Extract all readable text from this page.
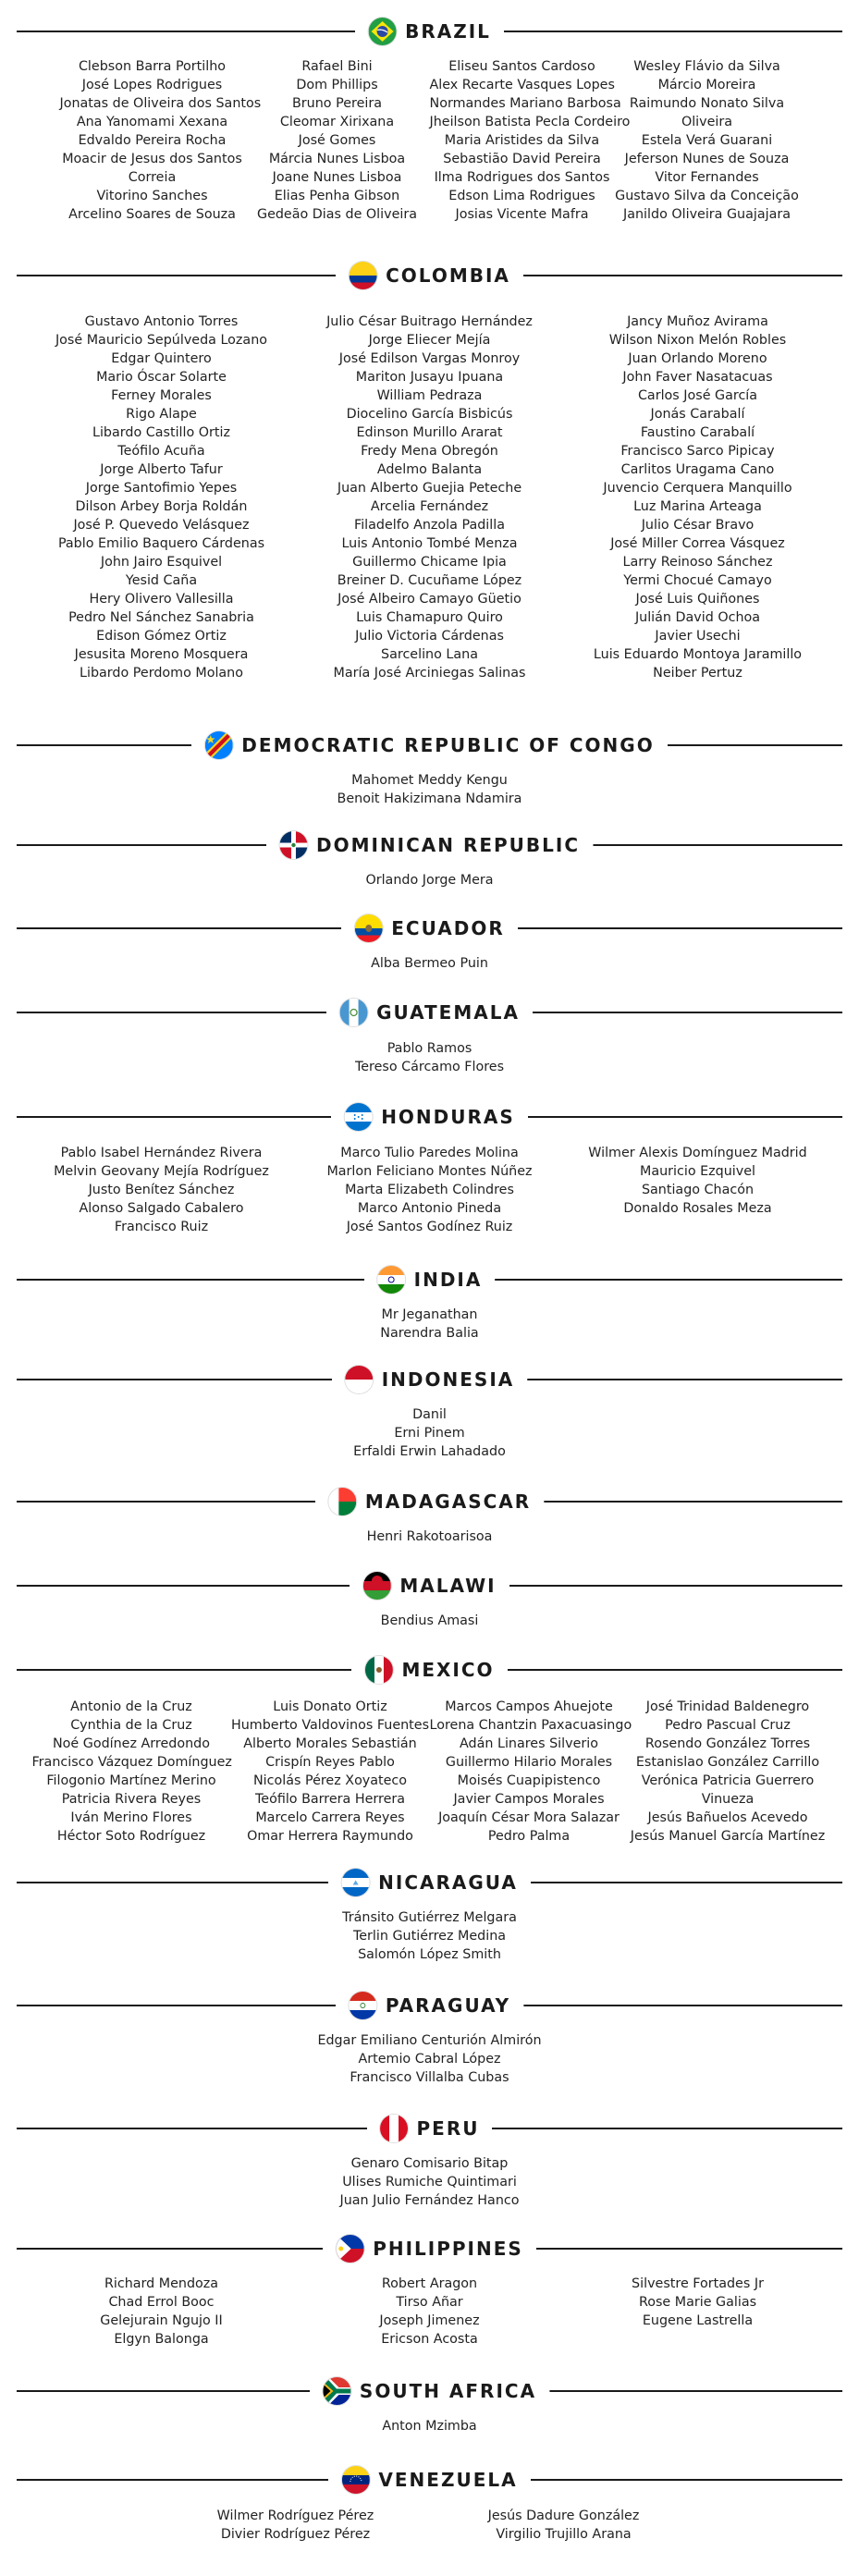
BRAZIL
Clebson Barra Portilho
José Lopes Rodrigues
Jonatas de Oliveira dos Santos
Ana Yanomami Xexana
Edvaldo Pereira Rocha
Moacir de Jesus dos Santos
Correia
Vitorino Sanches
Arcelino Soares de Souza
Rafael Bini
Dom Phillips
Bruno Pereira
Cleomar Xirixana
José Gomes
Márcia Nunes Lisboa
Joane Nunes Lisboa
Elias Penha Gibson
Gedeão Dias de Oliveira
Eliseu Santos Cardoso
Alex Recarte Vasques Lopes
Normandes Mariano Barbosa
Jheilson Batista Pecla Cordeiro
Maria Aristides da Silva
Sebastião David Pereira
Ilma Rodrigues dos Santos
Edson Lima Rodrigues
Josias Vicente Mafra
Wesley Flávio da Silva
Márcio Moreira
Raimundo Nonato Silva
Oliveira
Estela Verá Guarani
Jeferson Nunes de Souza
Vitor Fernandes
Gustavo Silva da Conceição
Janildo Oliveira Guajajara
COLOMBIA
Gustavo Antonio Torres
José Mauricio Sepúlveda Lozano
Edgar Quintero
Mario Óscar Solarte
Ferney Morales
Rigo Alape
Libardo Castillo Ortiz
Teófilo Acuña
Jorge Alberto Tafur
Jorge Santofimio Yepes
Dilson Arbey Borja Roldán
José P. Quevedo Velásquez
Pablo Emilio Baquero Cárdenas
John Jairo Esquivel
Yesid Caña
Hery Olivero Vallesilla
Pedro Nel Sánchez Sanabria
Edison Gómez Ortiz
Jesusita Moreno Mosquera
Libardo Perdomo Molano
Julio César Buitrago Hernández
Jorge Eliecer Mejía
José Edilson Vargas Monroy
Mariton Jusayu Ipuana
William Pedraza
Diocelino García Bisbicús
Edinson Murillo Ararat
Fredy Mena Obregón
Adelmo Balanta
Juan Alberto Guejia Peteche
Arcelia Fernández
Filadelfo Anzola Padilla
Luis Antonio Tombé Menza
Guillermo Chicame Ipia
Breiner D. Cucuñame López
José Albeiro Camayo Güetio
Luis Chamapuro Quiro
Julio Victoria Cárdenas
Sarcelino Lana
María José Arciniegas Salinas
Jancy Muñoz Avirama
Wilson Nixon Melón Robles
Juan Orlando Moreno
John Faver Nasatacuas
Carlos José García
Jonás Carabalí
Faustino Carabalí
Francisco Sarco Pipicay
Carlitos Uragama Cano
Juvencio Cerquera Manquillo
Luz Marina Arteaga
Julio César Bravo
José Miller Correa Vásquez
Larry Reinoso Sánchez
Yermi Chocué Camayo
José Luis Quiñones
Julián David Ochoa
Javier Usechi
Luis Eduardo Montoya Jaramillo
Neiber Pertuz
DEMOCRATIC REPUBLIC OF CONGO
Mahomet Meddy Kengu
Benoit Hakizimana Ndamira
DOMINICAN REPUBLIC
Orlando Jorge Mera
ECUADOR
Alba Bermeo Puin
GUATEMALA
Pablo Ramos
Tereso Cárcamo Flores
HONDURAS
Pablo Isabel Hernández Rivera
Melvin Geovany Mejía Rodríguez
Justo Benítez Sánchez
Alonso Salgado Cabalero
Francisco Ruiz
Marco Tulio Paredes Molina
Marlon Feliciano Montes Núñez
Marta Elizabeth Colindres
Marco Antonio Pineda
José Santos Godínez Ruiz
Wilmer Alexis Domínguez Madrid
Mauricio Ezquivel
Santiago Chacón
Donaldo Rosales Meza
INDIA
Mr Jeganathan
Narendra Balia
INDONESIA
Danil
Erni Pinem
Erfaldi Erwin Lahadado
MADAGASCAR
Henri Rakotoarisoa
MALAWI
Bendius Amasi
MEXICO
Antonio de la Cruz
Cynthia de la Cruz
Noé Godínez Arredondo
Francisco Vázquez Domínguez
Filogonio Martínez Merino
Patricia Rivera Reyes
Iván Merino Flores
Héctor Soto Rodríguez
Luis Donato Ortiz
Humberto Valdovinos Fuentes
Alberto Morales Sebastián
Crispín Reyes Pablo
Nicolás Pérez Xoyateco
Teófilo Barrera Herrera
Marcelo Carrera Reyes
Omar Herrera Raymundo
Marcos Campos Ahuejote
Lorena Chantzin Paxacuasingo
Adán Linares Silverio
Guillermo Hilario Morales
Moisés Cuapipistenco
Javier Campos Morales
Joaquín César Mora Salazar
Pedro Palma
José Trinidad Baldenegro
Pedro Pascual Cruz
Rosendo González Torres
Estanislao González Carrillo
Verónica Patricia Guerrero
Vinueza
Jesús Bañuelos Acevedo
Jesús Manuel García Martínez
NICARAGUA
Tránsito Gutiérrez Melgara
Terlin Gutiérrez Medina
Salomón López Smith
PARAGUAY
Edgar Emiliano Centurión Almirón
Artemio Cabral López
Francisco Villalba Cubas
PERU
Genaro Comisario Bitap
Ulises Rumiche Quintimari
Juan Julio Fernández Hanco
PHILIPPINES
Richard Mendoza
Chad Errol Booc
Gelejurain Ngujo II
Elgyn Balonga
Robert Aragon
Tirso Añar
Joseph Jimenez
Ericson Acosta
Silvestre Fortades Jr
Rose Marie Galias
Eugene Lastrella
SOUTH AFRICA
Anton Mzimba
VENEZUELA
Wilmer Rodríguez Pérez
Divier Rodríguez Pérez
Jesús Dadure González
Virgilio Trujillo Arana
